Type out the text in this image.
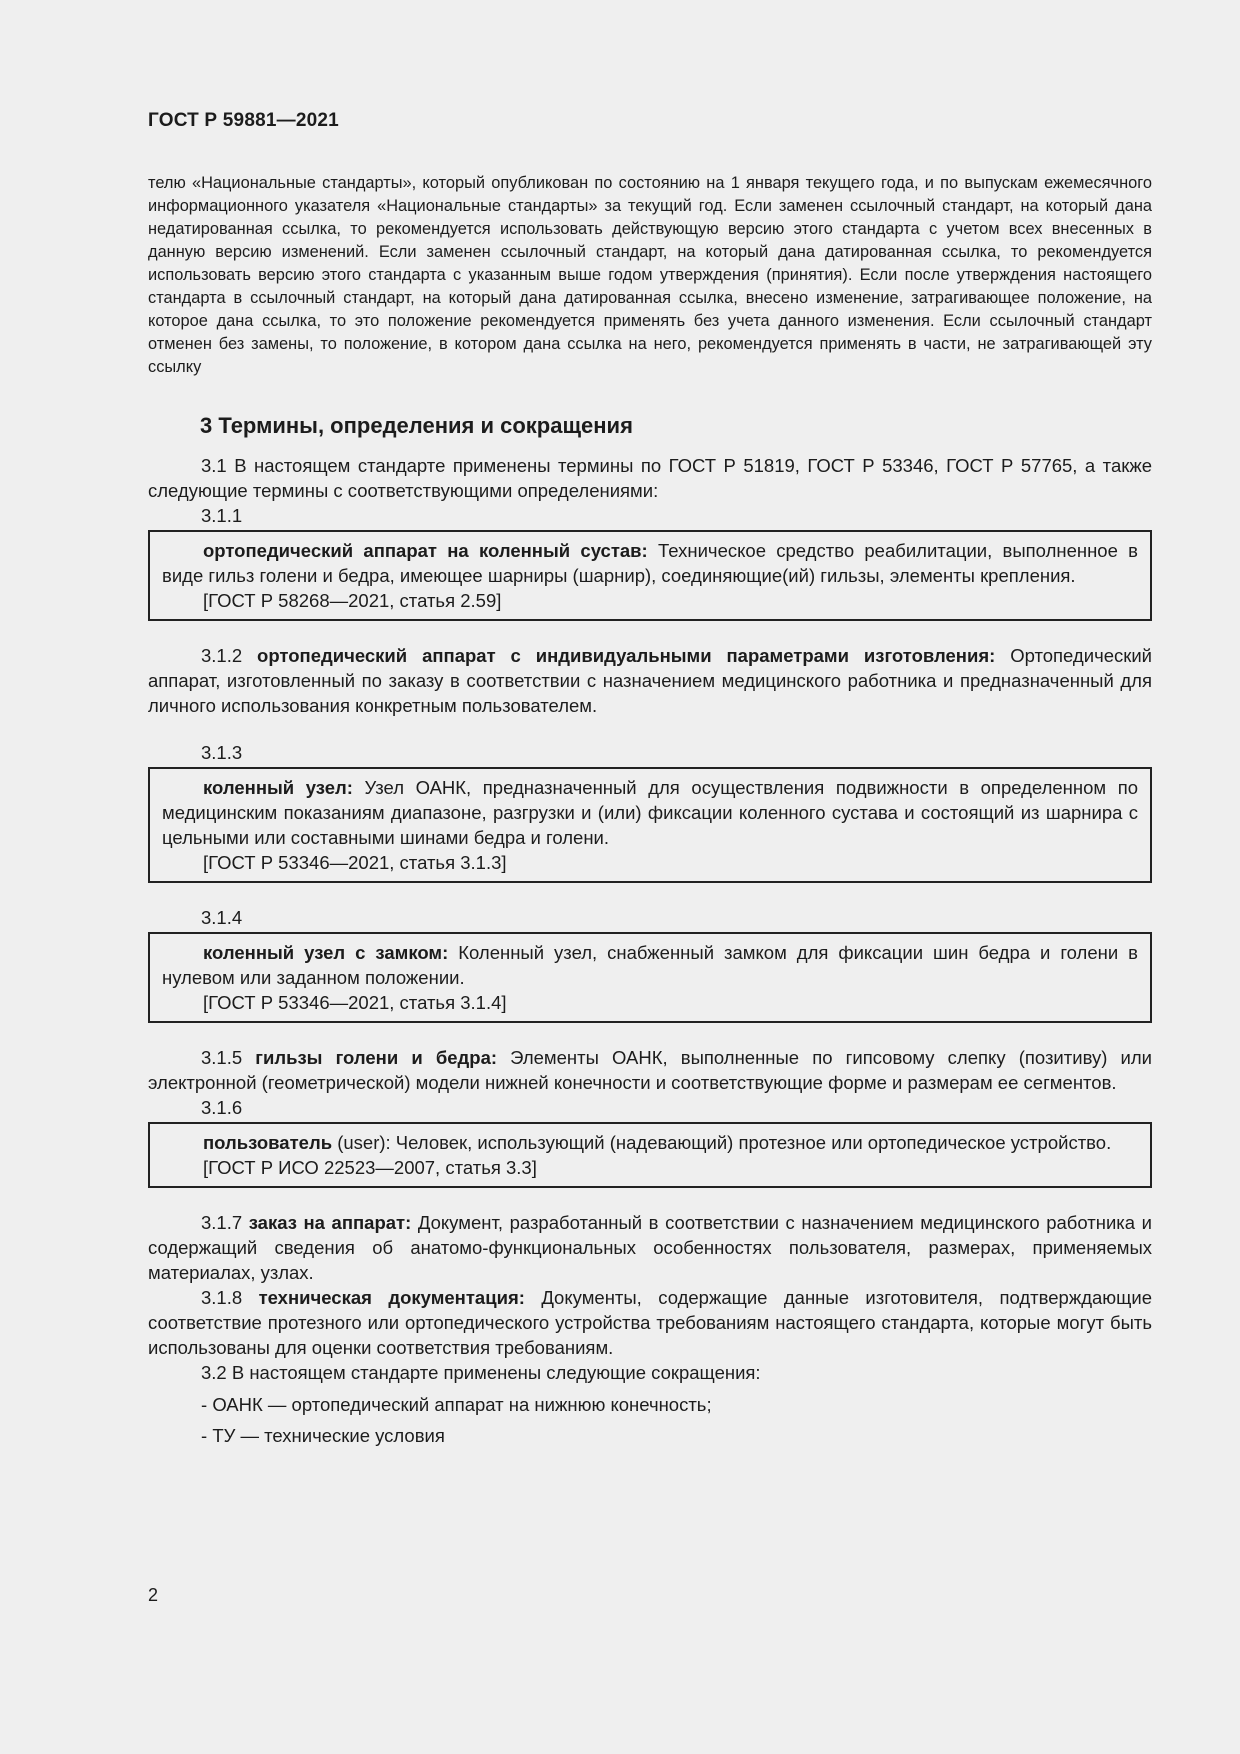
ГОСТ Р 59881—2021

телю «Национальные стандарты», который опубликован по состоянию на 1 января текущего года, и по выпускам ежемесячного информационного указателя «Национальные стандарты» за текущий год. Если заменен ссылочный стандарт, на который дана недатированная ссылка, то рекомендуется использовать действующую версию этого стандарта с учетом всех внесенных в данную версию изменений. Если заменен ссылочный стандарт, на который дана датированная ссылка, то рекомендуется использовать версию этого стандарта с указанным выше годом утверждения (принятия). Если после утверждения настоящего стандарта в ссылочный стандарт, на который дана датированная ссылка, внесено изменение, затрагивающее положение, на которое дана ссылка, то это положение рекомендуется применять без учета данного изменения. Если ссылочный стандарт отменен без замены, то положение, в котором дана ссылка на него, рекомендуется применять в части, не затрагивающей эту ссылку

3 Термины, определения и сокращения

3.1 В настоящем стандарте применены термины по ГОСТ Р 51819, ГОСТ Р 53346, ГОСТ Р 57765, а также следующие термины с соответствующими определениями:

3.1.1

ортопедический аппарат на коленный сустав: Техническое средство реабилитации, выполненное в виде гильз голени и бедра, имеющее шарниры (шарнир), соединяющие(ий) гильзы, элементы крепления.

[ГОСТ Р 58268—2021, статья 2.59]

3.1.2 ортопедический аппарат с индивидуальными параметрами изготовления: Ортопедический аппарат, изготовленный по заказу в соответствии с назначением медицинского работника и предназначенный для личного использования конкретным пользователем.

3.1.3

коленный узел: Узел ОАНК, предназначенный для осуществления подвижности в определенном по медицинским показаниям диапазоне, разгрузки и (или) фиксации коленного сустава и состоящий из шарнира с цельными или составными шинами бедра и голени.

[ГОСТ Р 53346—2021, статья 3.1.3]

3.1.4

коленный узел с замком: Коленный узел, снабженный замком для фиксации шин бедра и голени в нулевом или заданном положении.

[ГОСТ Р 53346—2021, статья 3.1.4]

3.1.5 гильзы голени и бедра: Элементы ОАНК, выполненные по гипсовому слепку (позитиву) или электронной (геометрической) модели нижней конечности и соответствующие форме и размерам ее сегментов.

3.1.6

пользователь (user): Человек, использующий (надевающий) протезное или ортопедическое устройство.

[ГОСТ Р ИСО 22523—2007, статья 3.3]

3.1.7 заказ на аппарат: Документ, разработанный в соответствии с назначением медицинского работника и содержащий сведения об анатомо-функциональных особенностях пользователя, размерах, применяемых материалах, узлах.

3.1.8 техническая документация: Документы, содержащие данные изготовителя, подтверждающие соответствие протезного или ортопедического устройства требованиям настоящего стандарта, которые могут быть использованы для оценки соответствия требованиям.

3.2 В настоящем стандарте применены следующие сокращения:

- ОАНК — ортопедический аппарат на нижнюю конечность;
- ТУ — технические условия
2
